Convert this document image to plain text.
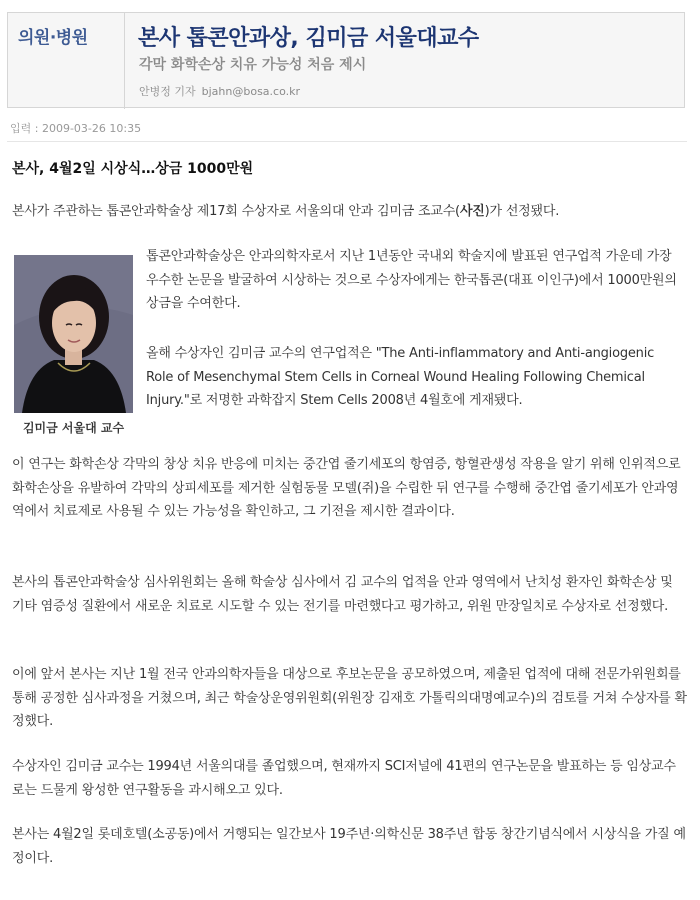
의원·병원 본사 톱콘안과상, 김미금 서울대교수
각막 화학손상 치유 가능성 처음 제시
안병정 기자 bjahn@bosa.co.kr
입력 : 2009-03-26 10:35
본사, 4월2일 시상식…상금 1000만원
본사가 주관하는 톱콘안과학술상 제17회 수상자로 서울의대 안과 김미금 조교수(사진)가 선정됐다.
김미금 서울대 교수
톱콘안과학술상은 안과의학자로서 지난 1년동안 국내외 학술지에 발표된 연구업적 가운데 가장 우수한 논문을 발굴하여 시상하는 것으로 수상자에게는 한국톱콘(대표 이인구)에서 1000만원의 상금을 수여한다.
올해 수상자인 김미금 교수의 연구업적은 "The Anti-inflammatory and Anti-angiogenic Role of Mesenchymal Stem Cells in Corneal Wound Healing Following Chemical Injury."로 저명한 과학잡지 Stem Cells 2008년 4월호에 게재됐다.
이 연구는 화학손상 각막의 창상 치유 반응에 미치는 중간엽 줄기세포의 항염증, 항혈관생성 작용을 알기 위해 인위적으로 화학손상을 유발하여 각막의 상피세포를 제거한 실험동물 모델(쥐)을 수립한 뒤 연구를 수행해 중간엽 줄기세포가 안과영역에서 치료제로 사용될 수 있는 가능성을 확인하고, 그 기전을 제시한 결과이다.
본사의 톱콘안과학술상 심사위원회는 올해 학술상 심사에서 김 교수의 업적을 안과 영역에서 난치성 환자인 화학손상 및 기타 염증성 질환에서 새로운 치료로 시도할 수 있는 전기를 마련했다고 평가하고, 위원 만장일치로 수상자로 선정했다.
이에 앞서 본사는 지난 1월 전국 안과의학자들을 대상으로 후보논문을 공모하였으며, 제출된 업적에 대해 전문가위원회를 통해 공정한 심사과정을 거쳤으며, 최근 학술상운영위원회(위원장 김재호 가톨릭의대명예교수)의 검토를 거쳐 수상자를 확정했다.
수상자인 김미금 교수는 1994년 서울의대를 졸업했으며, 현재까지 SCI저널에 41편의 연구논문을 발표하는 등 임상교수로는 드물게 왕성한 연구활동을 과시해오고 있다.
본사는 4월2일 롯데호텔(소공동)에서 거행되는 일간보사 19주년·의학신문 38주년 합동 창간기념식에서 시상식을 가질 예정이다.
